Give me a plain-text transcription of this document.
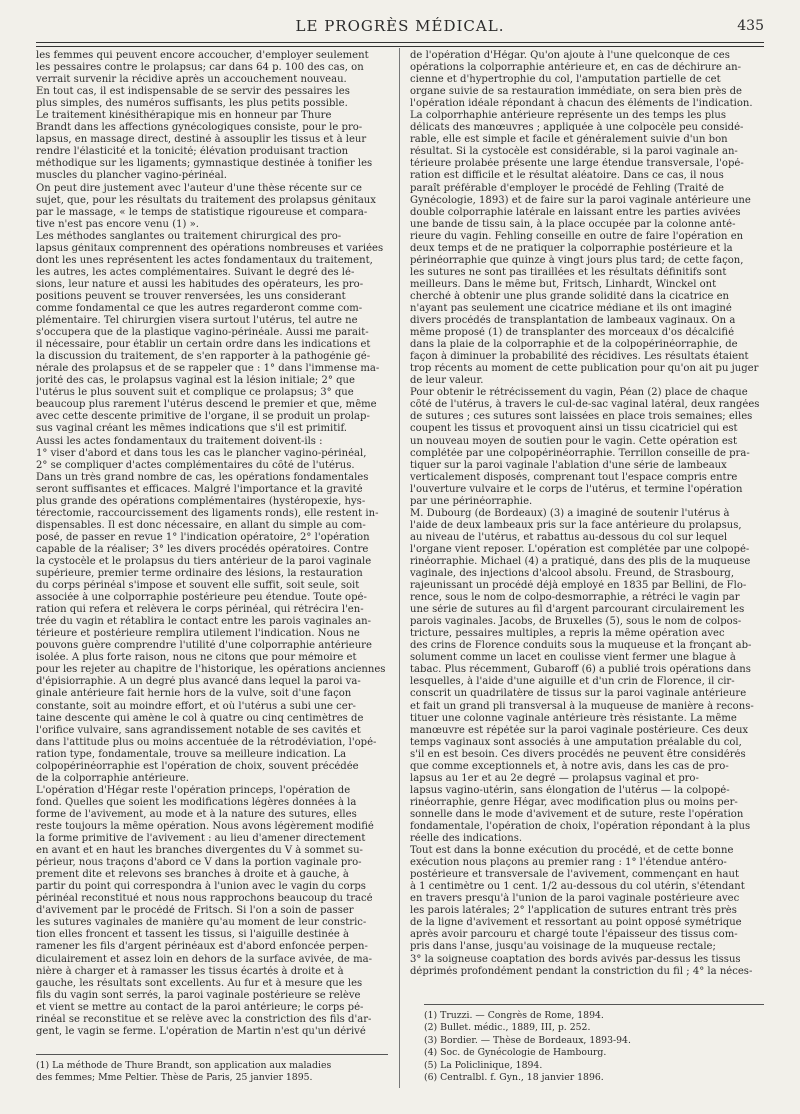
LE PROGRÈS MÉDICAL.	435
les femmes qui peuvent encore accoucher, d'employer seulement
les pessaires contre le prolapsus; car dans 64 p. 100 des cas, on
verrait survenir la récidive après un accouchement nouveau.
En tout cas, il est indispensable de se servir des pessaires les
plus simples, des numéros suffisants, les plus petits possible.
Le traitement kinésithérapique mis en honneur par Thure
Brandt dans les affections gynécologiques consiste, pour le pro-
lapsus, en massage direct, destiné à assouplir les tissus et à leur
rendre l'élasticité et la tonicité; élévation produisant traction
méthodique sur les ligaments; gymnastique destinée à tonifier les
muscles du plancher vagino-périnéal.
On peut dire justement avec l'auteur d'une thèse récente sur ce
sujet, que, pour les résultats du traitement des prolapsus génitaux
par le massage, « le temps de statistique rigoureuse et compara-
tive n'est pas encore venu (1) ».
Les méthodes sanglantes ou traitement chirurgical des pro-
lapsus génitaux comprennent des opérations nombreuses et variées
dont les unes représentent les actes fondamentaux du traitement,
les autres, les actes complémentaires. Suivant le degré des lé-
sions, leur nature et aussi les habitudes des opérateurs, les pro-
positions peuvent se trouver renversées, les uns considerant
comme fondamental ce que les autres regarderont comme com-
plémentaire. Tel chirurgien visera surtout l'utérus, tel autre ne
s'occupera que de la plastique vagino-périnéale. Aussi me parait-
il nécessaire, pour établir un certain ordre dans les indications et
la discussion du traitement, de s'en rapporter à la pathogénie gé-
nérale des prolapsus et de se rappeler que : 1° dans l'immense ma-
jorité des cas, le prolapsus vaginal est la lésion initiale; 2° que
l'utérus le plus souvent suit et complique ce prolapsus; 3° que
beaucoup plus rarement l'utérus descend le premier et que, même
avec cette descente primitive de l'organe, il se produit un prolap-
sus vaginal créant les mêmes indications que s'il est primitif.
Aussi les actes fondamentaux du traitement doivent-ils :
1° viser d'abord et dans tous les cas le plancher vagino-périnéal,
2° se compliquer d'actes complémentaires du côté de l'utérus.
Dans un très grand nombre de cas, les opérations fondamentales
seront suffisantes et efficaces. Malgré l'importance et la gravité
plus grande des opérations complémentaires (hystéropexie, hys-
térectomie, raccourcissement des ligaments ronds), elle restent in-
dispensables. Il est donc nécessaire, en allant du simple au com-
posé, de passer en revue 1° l'indication opératoire, 2° l'opération
capable de la réaliser; 3° les divers procédés opératoires. Contre
la cystocèle et le prolapsus du tiers antérieur de la paroi vaginale
supérieure, premier terme ordinaire des lésions, la restauration
du corps périnéal s'impose et souvent elle suffit, soit seule, soit
associée à une colporraphie postérieure peu étendue. Toute opé-
ration qui refera et relèvera le corps périnéal, qui rétrécira l'en-
trée du vagin et rétablira le contact entre les parois vaginales an-
térieure et postérieure remplira utilement l'indication. Nous ne
pouvons guère comprendre l'utilité d'une colporraphie antérieure
isolée. A plus forte raison, nous ne citons que pour mémoire et
pour les rejeter au chapitre de l'historique, les opérations anciennes
d'épisiorraphie. A un degré plus avancé dans lequel la paroi va-
ginale antérieure fait hernie hors de la vulve, soit d'une façon
constante, soit au moindre effort, et où l'utérus a subi une cer-
taine descente qui amène le col à quatre ou cinq centimètres de
l'orifice vulvaire, sans agrandissement notable de ses cavités et
dans l'attitude plus ou moins accentuée de la rétrodéviation, l'opé-
ration type, fondamentale, trouve sa meilleure indication. La
colpopérinéorraphie est l'opération de choix, souvent précédée
de la colporraphie antérieure.
L'opération d'Hégar reste l'opération princeps, l'opération de
fond. Quelles que soient les modifications légères données à la
forme de l'avivement, au mode et à la nature des sutures, elles
reste toujours la même opération. Nous avons légèrement modifié
la forme primitive de l'avivement : au lieu d'amener directement
en avant et en haut les branches divergentes du V à sommet su-
périeur, nous traçons d'abord ce V dans la portion vaginale pro-
prement dite et relevons ses branches à droite et à gauche, à
partir du point qui correspondra à l'union avec le vagin du corps
périnéal reconstitué et nous nous rapprochons beaucoup du tracé
d'avivement par le procédé de Fritsch. Si l'on a soin de passer
les sutures vaginales de manière qu'au moment de leur constric-
tion elles froncent et tassent les tissus, si l'aiguille destinée à
ramener les fils d'argent périnéaux est d'abord enfoncée perpen-
diculairement et assez loin en dehors de la surface avivée, de ma-
nière à charger et à ramasser les tissus écartés à droite et à
gauche, les résultats sont excellents. Au fur et à mesure que les
fils du vagin sont serrés, la paroi vaginale postérieure se relève
et vient se mettre au contact de la paroi antérieure; le corps pé-
rinéal se reconstitue et se relève avec la constriction des fils d'ar-
gent, le vagin se ferme. L'opération de Martin n'est qu'un dérivé
de l'opération d'Hégar. Qu'on ajoute à l'une quelconque de ces
opérations la colporraphie antérieure et, en cas de déchirure an-
cienne et d'hypertrophie du col, l'amputation partielle de cet
organe suivie de sa restauration immédiate, on sera bien près de
l'opération idéale répondant à chacun des éléments de l'indication.
La colporrhaphie antérieure représente un des temps les plus
délicats des manœuvres ; appliquée à une colpocèle peu considé-
rable, elle est simple et facile et généralement suivie d'un bon
résultat. Si la cystocèle est considérable, si la paroi vaginale an-
térieure prolabée présente une large étendue transversale, l'opé-
ration est difficile et le résultat aléatoire. Dans ce cas, il nous
paraît préférable d'employer le procédé de Fehling (Traité de
Gynécologie, 1893) et de faire sur la paroi vaginale antérieure une
double colporraphie latérale en laissant entre les parties avivées
une bande de tissu sain, à la place occupée par la colonne anté-
rieure du vagin. Fehling conseille en outre de faire l'opération en
deux temps et de ne pratiquer la colporraphie postérieure et la
périnéorraphie que quinze à vingt jours plus tard; de cette façon,
les sutures ne sont pas tiraillées et les résultats définitifs sont
meilleurs. Dans le même but, Fritsch, Linhardt, Winckel ont
cherché à obtenir une plus grande solidité dans la cicatrice en
n'ayant pas seulement une cicatrice médiane et ils ont imaginé
divers procédés de transplantation de lambeaux vaginaux. On a
même proposé (1) de transplanter des morceaux d'os décalcifié
dans la plaie de la colporraphie et de la colpopérinéorraphie, de
façon à diminuer la probabilité des récidives. Les résultats étaient
trop récents au moment de cette publication pour qu'on ait pu juger
de leur valeur.
Pour obtenir le rétrécissement du vagin, Péan (2) place de chaque
côté de l'utérus, à travers le cul-de-sac vaginal latéral, deux rangées
de sutures ; ces sutures sont laissées en place trois semaines; elles
coupent les tissus et provoquent ainsi un tissu cicatriciel qui est
un nouveau moyen de soutien pour le vagin. Cette opération est
complétée par une colpopérinéorraphie. Terrillon conseille de pra-
tiquer sur la paroi vaginale l'ablation d'une série de lambeaux
verticalement disposés, comprenant tout l'espace compris entre
l'ouverture vulvaire et le corps de l'utérus, et termine l'opération
par une périnéorraphie.
M. Dubourg (de Bordeaux) (3) a imaginé de soutenir l'utérus à
l'aide de deux lambeaux pris sur la face antérieure du prolapsus,
au niveau de l'utérus, et rabattus au-dessous du col sur lequel
l'organe vient reposer. L'opération est complétée par une colpopé-
rinéorraphie. Michael (4) a pratiqué, dans des plis de la muqueuse
vaginale, des injections d'alcool absolu. Freund, de Strasbourg,
rajeunissant un procédé déjà employé en 1835 par Bellini, de Flo-
rence, sous le nom de colpo-desmorraphie, a rétréci le vagin par
une série de sutures au fil d'argent parcourant circulairement les
parois vaginales. Jacobs, de Bruxelles (5), sous le nom de colpos-
tricture, pessaires multiples, a repris la même opération avec
des crins de Florence conduits sous la muqueuse et la fronçant ab-
solument comme un lacet en coulisse vient fermer une blague à
tabac. Plus récemment, Gubaroff (6) a publié trois opérations dans
lesquelles, à l'aide d'une aiguille et d'un crin de Florence, il cir-
conscrit un quadrilatère de tissus sur la paroi vaginale antérieure
et fait un grand pli transversal à la muqueuse de manière à recons-
tituer une colonne vaginale antérieure très résistante. La même
manœuvre est répétée sur la paroi vaginale postérieure. Ces deux
temps vaginaux sont associés à une amputation préalable du col,
s'il en est besoin. Ces divers procédés ne peuvent être considérés
que comme exceptionnels et, à notre avis, dans les cas de pro-
lapsus au 1er et au 2e degré — prolapsus vaginal et pro-
lapsus vagino-utérin, sans élongation de l'utérus — la colpopé-
rinéorraphie, genre Hégar, avec modification plus ou moins per-
sonnelle dans le mode d'avivement et de suture, reste l'opération
fondamentale, l'opération de choix, l'opération répondant à la plus
réelle des indications.
Tout est dans la bonne exécution du procédé, et de cette bonne
exécution nous plaçons au premier rang : 1° l'étendue antéro-
postérieure et transversale de l'avivement, commençant en haut
à 1 centimètre ou 1 cent. 1/2 au-dessous du col utérin, s'étendant
en travers presqu'à l'union de la paroi vaginale postérieure avec
les parois latérales; 2° l'application de sutures entrant très près
de la ligne d'avivement et ressortant au point opposé symétrique
après avoir parcouru et chargé toute l'épaisseur des tissus com-
pris dans l'anse, jusqu'au voisinage de la muqueuse rectale;
3° la soigneuse coaptation des bords avivés par-dessus les tissus
déprimés profondément pendant la constriction du fil ; 4° la néces-
(1) La méthode de Thure Brandt, son application aux maladies
des femmes; Mme Peltier. Thèse de Paris, 25 janvier 1895.
(1) Truzzi. — Congrès de Rome, 1894.
(2) Bullet. médic., 1889, III, p. 252.
(3) Bordier. — Thèse de Bordeaux, 1893-94.
(4) Soc. de Gynécologie de Hambourg.
(5) La Policlinique, 1894.
(6) Centralbl. f. Gyn., 18 janvier 1896.
